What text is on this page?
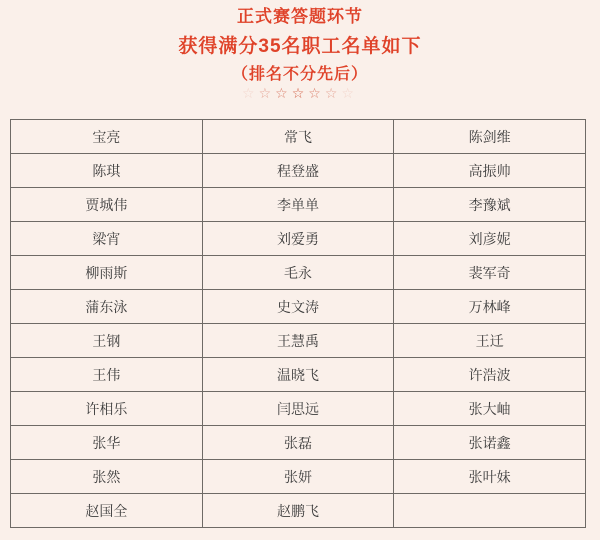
正式赛答题环节
获得满分35名职工名单如下
（排名不分先后）
☆☆☆☆☆☆☆
宝亮	常飞	陈剑维
陈琪	程登盛	高振帅
贾城伟	李单单	李豫斌
梁宵	刘爱勇	刘彦妮
柳雨斯	毛永	裴军奇
蒲东泳	史文涛	万林峰
王钢	王慧禹	王迁
王伟	温晓飞	许浩波
许相乐	闫思远	张大岫
张华	张磊	张诺鑫
张然	张妍	张叶妹
赵国全	赵鹏飞	
